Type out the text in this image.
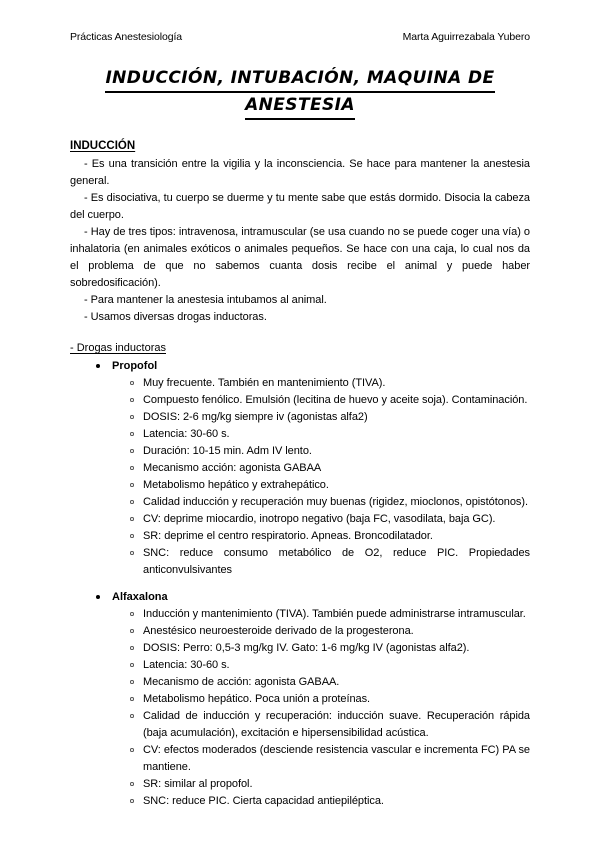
Prácticas Anestesiología	Marta Aguirrezabala Yubero
INDUCCIÓN, INTUBACIÓN, MAQUINA DE
ANESTESIA
INDUCCIÓN

- Es una transición entre la vigilia y la inconsciencia. Se hace para mantener la anestesia general.

- Es disociativa, tu cuerpo se duerme y tu mente sabe que estás dormido. Disocia la cabeza del cuerpo.

- Hay de tres tipos: intravenosa, intramuscular (se usa cuando no se puede coger una vía) o inhalatoria (en animales exóticos o animales pequeños. Se hace con una caja, lo cual nos da el problema de que no sabemos cuanta dosis recibe el animal y puede haber sobredosificación).

- Para mantener la anestesia intubamos al animal.

- Usamos diversas drogas inductoras.

- Drogas inductoras
Propofol
Muy frecuente. También en mantenimiento (TIVA).
Compuesto fenólico. Emulsión (lecitina de huevo y aceite soja). Contaminación.
DOSIS: 2-6 mg/kg siempre iv (agonistas alfa2)
Latencia: 30-60 s.
Duración: 10-15 min. Adm IV lento.
Mecanismo acción: agonista GABAA
Metabolismo hepático y extrahepático.
Calidad inducción y recuperación muy buenas (rigidez, mioclonos, opistótonos).
CV: deprime miocardio, inotropo negativo (baja FC, vasodilata, baja GC).
SR: deprime el centro respiratorio. Apneas. Broncodilatador.
SNC: reduce consumo metabólico de O2, reduce PIC. Propiedades anticonvulsivantes
Alfaxalona
Inducción y mantenimiento (TIVA). También puede administrarse intramuscular.
Anestésico neuroesteroide derivado de la progesterona.
DOSIS: Perro: 0,5-3 mg/kg IV. Gato: 1-6 mg/kg IV (agonistas alfa2).
Latencia: 30-60 s.
Mecanismo de acción: agonista GABAA.
Metabolismo hepático. Poca unión a proteínas.
Calidad de inducción y recuperación: inducción suave. Recuperación rápida (baja acumulación), excitación e hipersensibilidad acústica.
CV: efectos moderados (desciende resistencia vascular e incrementa FC) PA se mantiene.
SR: similar al propofol.
SNC: reduce PIC. Cierta capacidad antiepiléptica.
